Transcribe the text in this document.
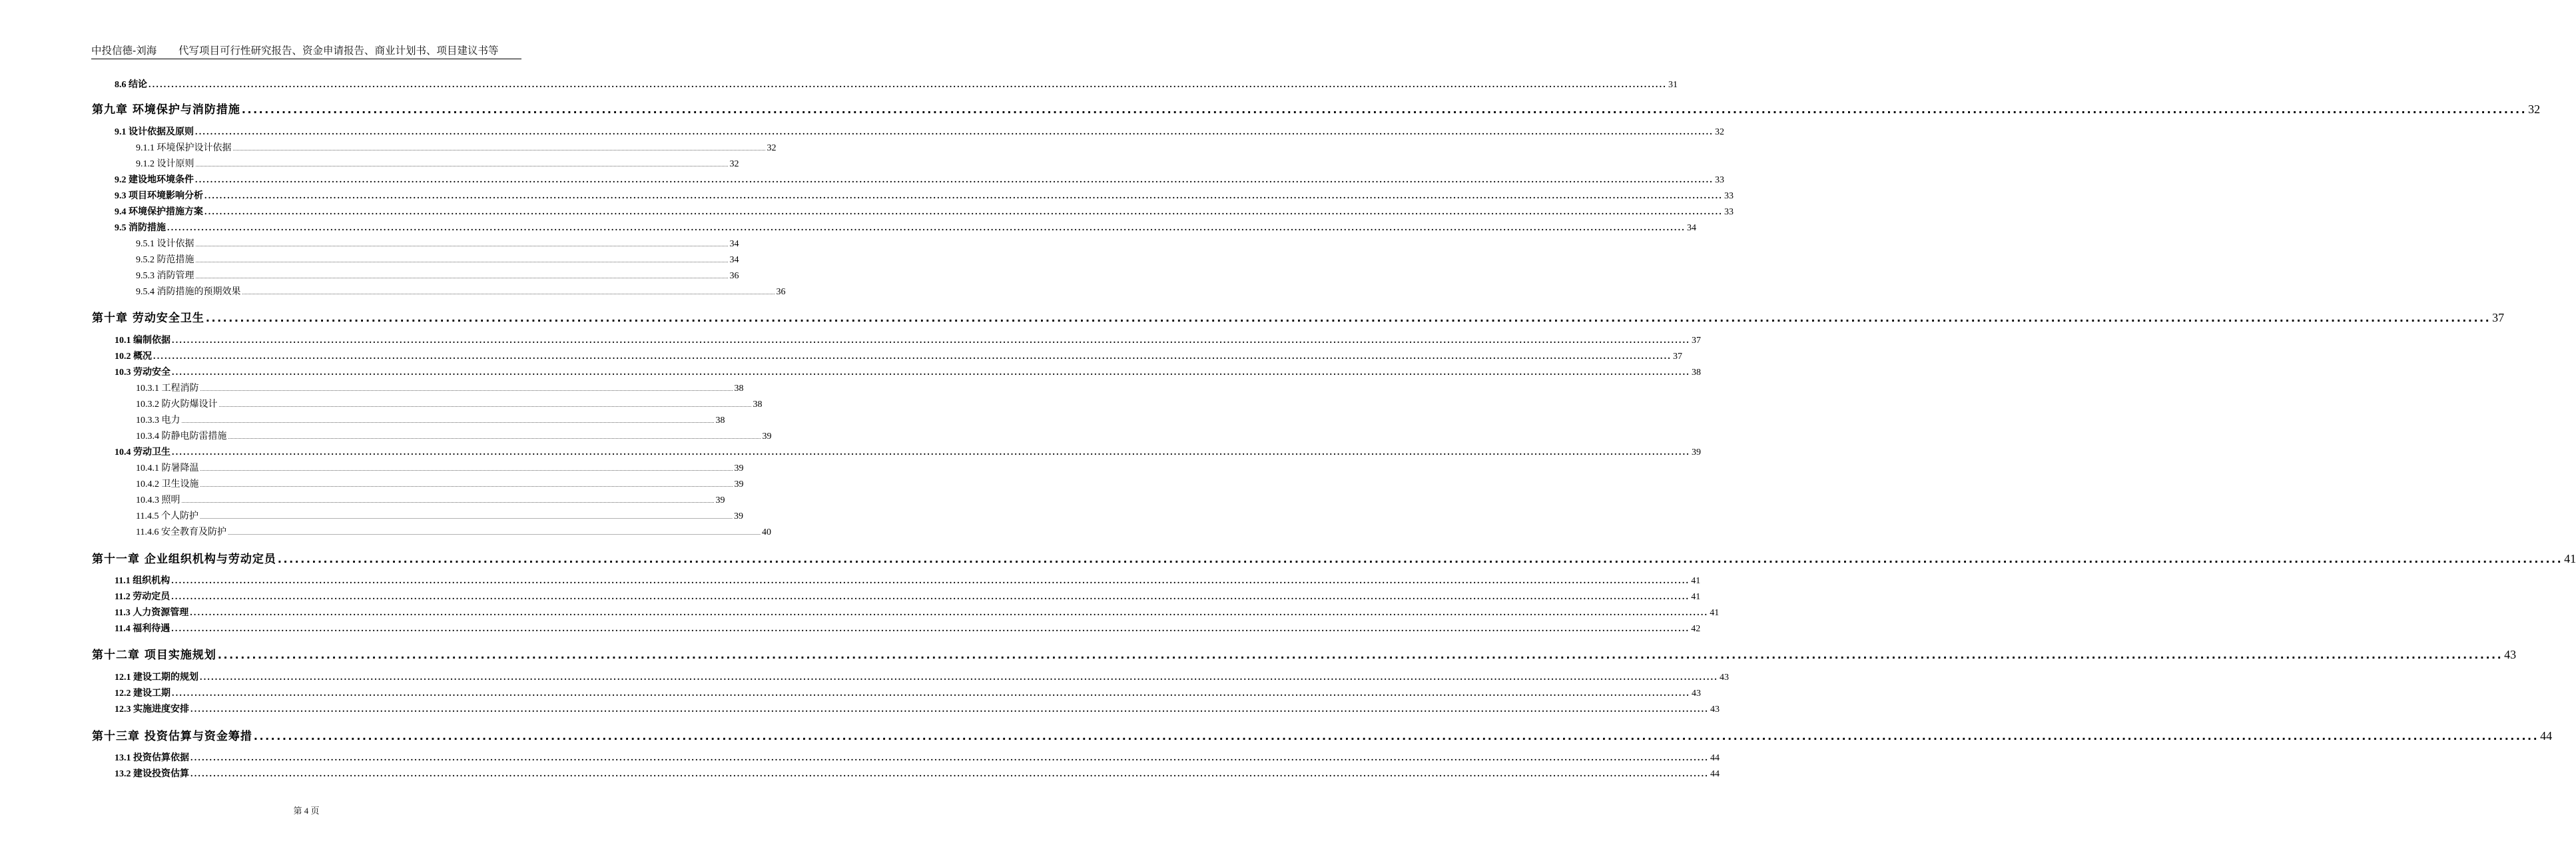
中投信德-刘海 代写项目可行性研究报告、资金申请报告、商业计划书、项目建议书等
8.6 结论 ................................................................................................................................................................................................................................................................................................................................................................................................................ 31
第九章 环境保护与消防措施 ................................................................................................................................................................................................................................................................................................................................................................................................................ 32
9.1 设计依据及原则 ................................................................................................................................................................................................................................................................................................................................................................................................................ 32
9.1.1 环境保护设计依据 ................................................................................................................................................................................................................................................................................................................................................................................................................ 32
9.1.2 设计原则 ................................................................................................................................................................................................................................................................................................................................................................................................................ 32
9.2 建设地环境条件 ................................................................................................................................................................................................................................................................................................................................................................................................................ 33
9.3 项目环境影响分析 ................................................................................................................................................................................................................................................................................................................................................................................................................ 33
9.4 环境保护措施方案 ................................................................................................................................................................................................................................................................................................................................................................................................................ 33
9.5 消防措施 ................................................................................................................................................................................................................................................................................................................................................................................................................ 34
9.5.1 设计依据 ................................................................................................................................................................................................................................................................................................................................................................................................................ 34
9.5.2 防范措施 ................................................................................................................................................................................................................................................................................................................................................................................................................ 34
9.5.3 消防管理 ................................................................................................................................................................................................................................................................................................................................................................................................................ 36
9.5.4 消防措施的预期效果 ................................................................................................................................................................................................................................................................................................................................................................................................................ 36
第十章 劳动安全卫生 ................................................................................................................................................................................................................................................................................................................................................................................................................ 37
10.1 编制依据 ................................................................................................................................................................................................................................................................................................................................................................................................................ 37
10.2 概况 ................................................................................................................................................................................................................................................................................................................................................................................................................ 37
10.3 劳动安全 ................................................................................................................................................................................................................................................................................................................................................................................................................ 38
10.3.1 工程消防 ................................................................................................................................................................................................................................................................................................................................................................................................................ 38
10.3.2 防火防爆设计 ................................................................................................................................................................................................................................................................................................................................................................................................................ 38
10.3.3 电力 ................................................................................................................................................................................................................................................................................................................................................................................................................ 38
10.3.4 防静电防雷措施 ................................................................................................................................................................................................................................................................................................................................................................................................................ 39
10.4 劳动卫生 ................................................................................................................................................................................................................................................................................................................................................................................................................ 39
10.4.1 防暑降温 ................................................................................................................................................................................................................................................................................................................................................................................................................ 39
10.4.2 卫生设施 ................................................................................................................................................................................................................................................................................................................................................................................................................ 39
10.4.3 照明 ................................................................................................................................................................................................................................................................................................................................................................................................................ 39
11.4.5 个人防护 ................................................................................................................................................................................................................................................................................................................................................................................................................ 39
11.4.6 安全教育及防护 ................................................................................................................................................................................................................................................................................................................................................................................................................ 40
第十一章 企业组织机构与劳动定员 ................................................................................................................................................................................................................................................................................................................................................................................................................ 41
11.1 组织机构 ................................................................................................................................................................................................................................................................................................................................................................................................................ 41
11.2 劳动定员 ................................................................................................................................................................................................................................................................................................................................................................................................................ 41
11.3 人力资源管理 ................................................................................................................................................................................................................................................................................................................................................................................................................ 41
11.4 福利待遇 ................................................................................................................................................................................................................................................................................................................................................................................................................ 42
第十二章 项目实施规划 ................................................................................................................................................................................................................................................................................................................................................................................................................ 43
12.1 建设工期的规划 ................................................................................................................................................................................................................................................................................................................................................................................................................ 43
12.2 建设工期 ................................................................................................................................................................................................................................................................................................................................................................................................................ 43
12.3 实施进度安排 ................................................................................................................................................................................................................................................................................................................................................................................................................ 43
第十三章 投资估算与资金筹措 ................................................................................................................................................................................................................................................................................................................................................................................................................ 44
13.1 投资估算依据 ................................................................................................................................................................................................................................................................................................................................................................................................................ 44
13.2 建设投资估算 ................................................................................................................................................................................................................................................................................................................................................................................................................ 44
第 4 页
